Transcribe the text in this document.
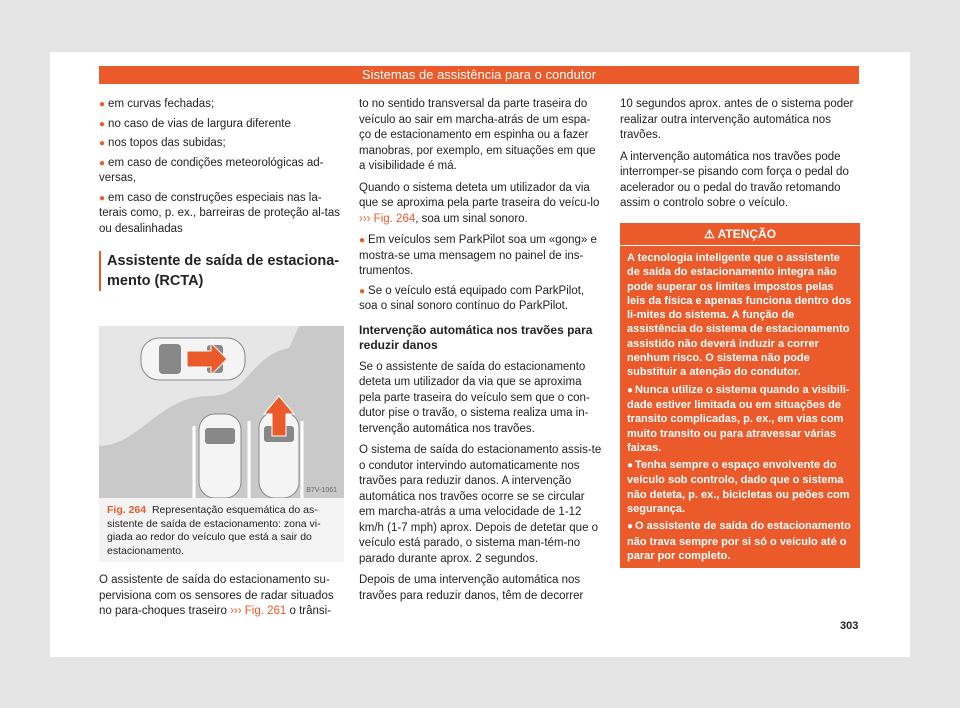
Sistemas de assistência para o condutor
● em curvas fechadas;
● no caso de vias de largura diferente
● nos topos das subidas;
● em caso de condições meteorológicas ad-versas,
● em caso de construções especiais nas la-terais como, p. ex., barreiras de proteção al-tas ou desalinhadas
Assistente de saída de estaciona-mento (RCTA)
B7V-1061
Fig. 264 Representação esquemática do as-sistente de saída de estacionamento: zona vi-giada ao redor do veículo que está a sair do estacionamento.
O assistente de saída do estacionamento su-pervisiona com os sensores de radar situados no para-choques traseiro ››› Fig. 261 o trânsi-

to no sentido transversal da parte traseira do veículo ao sair em marcha-atrás de um espa-ço de estacionamento em espinha ou a fazer manobras, por exemplo, em situações em que a visibilidade é má.

Quando o sistema deteta um utilizador da via que se aproxima pela parte traseira do veícu-lo ››› Fig. 264, soa um sinal sonoro.

● Em veículos sem ParkPilot soa um «gong» e mostra-se uma mensagem no painel de ins-trumentos.
● Se o veículo está equipado com ParkPilot, soa o sinal sonoro contínuo do ParkPilot.

Intervenção automática nos travões para reduzir danos

Se o assistente de saída do estacionamento deteta um utilizador da via que se aproxima pela parte traseira do veículo sem que o con-dutor pise o travão, o sistema realiza uma in-tervenção automática nos travões.

O sistema de saída do estacionamento assis-te o condutor intervindo automaticamente nos travões para reduzir danos. A intervenção automática nos travões ocorre se se circular em marcha-atrás a uma velocidade de 1-12 km/h (1-7 mph) aprox. Depois de detetar que o veículo está parado, o sistema man-tém-no parado durante aprox. 2 segundos.

Depois de uma intervenção automática nos travões para reduzir danos, têm de decorrer

10 segundos aprox. antes de o sistema poder realizar outra intervenção automática nos travões.

A intervenção automática nos travões pode interromper-se pisando com força o pedal do acelerador ou o pedal do travão retomando assim o controlo sobre o veículo.

⚠ ATENÇÃO

A tecnologia inteligente que o assistente de saída do estacionamento integra não pode superar os limites impostos pelas leis da física e apenas funciona dentro dos li-mites do sistema. A função de assistência do sistema de estacionamento assistido não deverá induzir a correr nenhum risco. O sistema não pode substituir a atenção do condutor.

● Nunca utilize o sistema quando a visibili-dade estiver limitada ou em situações de transito complicadas, p. ex., em vias com muito transito ou para atravessar várias faixas.

● Tenha sempre o espaço envolvente do veículo sob controlo, dado que o sistema não deteta, p. ex., bicicletas ou peões com segurança.

● O assistente de saída do estacionamento não trava sempre por si só o veículo até o parar por completo.

303
